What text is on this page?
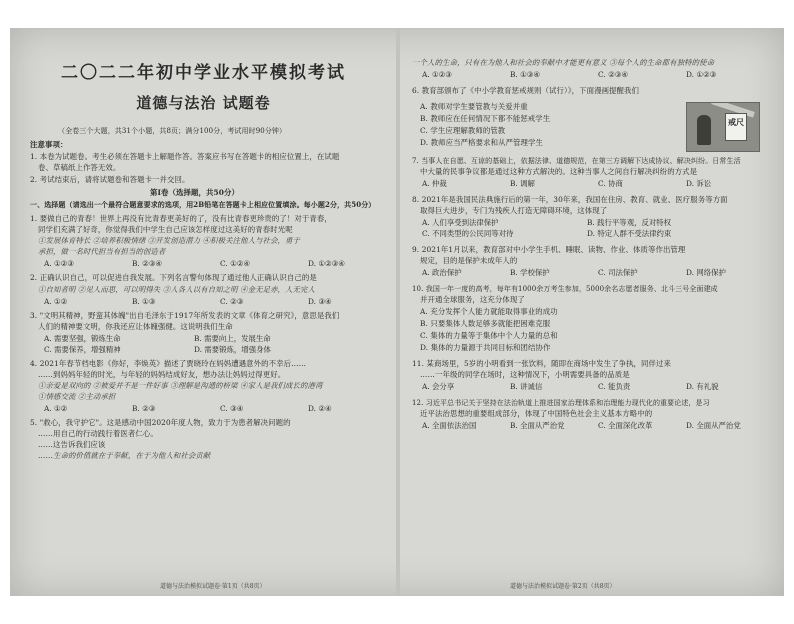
二〇二二年初中学业水平模拟考试
道德与法治 试题卷
（全卷三个大题，共31个小题，共8页；满分100分，考试用时90分钟）
注意事项：
1. 本卷为试题卷。考生必须在答题卡上解题作答。答案应书写在答题卡的相应位置上，在试题
卷、草稿纸上作答无效。
2. 考试结束后，请将试题卷和答题卡一并交回。
第Ⅰ卷（选择题，共50分）
一、选择题（请选出一个最符合题意要求的选项，用2B铅笔在答题卡上相应位置填涂。每小题2分，共50分）
1. 要做自己的青春！世界上再没有比青春更美好的了，没有比青春更珍贵的了！对于青春，
同学们充满了好奇，你觉得我们中学生自己应该怎样度过这美好的青春时光呢
①发展体育特长 ②培养积极情绪 ③开发创造潜力 ④积极关注他人与社会，勇于
承担，做一名时代担当有担当的创造者
A. ①②③	B. ②③④	C. ①②④	D. ①②③④
2. 正确认识自己，可以促进自我发展。下列名言警句体现了通过他人正确认识自己的是
①自知者明 ②见人而思，可以明得失 ③人各人以有自知之明 ④金无足赤，人无完人
A. ①②	B. ①③	C. ②③	D. ③④
3. "文明其精神，野蛮其体魄"出自毛泽东于1917年所发表的文章《体育之研究》，意思是我们
人们的精神要文明，你我还应让体魄强健。这说明我们生命
A. 需要坚强，锻炼生命	B. 需要向上，发展生命
C. 需要保养，增强精神	D. 需要锻炼，增强身体
4. 2021年春节档电影《你好，李焕英》描述了贾晓玲在妈妈遭遇意外的不幸后……
……到妈妈年轻的时光，与年轻的妈妈结成好友，想办法让妈妈过得更好。
①亲爱是双向的 ②被爱并不是一件好事 ③理解是沟通的桥梁 ④家人是我们成长的港湾
①情感交流 ②主动承担
A. ①②	B. ②③	C. ③④	D. ②④
5. "救心，我守护它"。这是感动中国2020年度人物，致力于为患者解决问题的
……用自己的行动践行着医者仁心。
……这告诉我们应该
……生命的价值就在于奉献，在于为他人和社会贡献
道德与法治模拟试题卷·第1页（共8页）
一个人的生命，只有在为他人和社会的奉献中才能更有意义 ③每个人的生命都有独特的使命
A. ①②③	B. ①③④	C. ②③④	D. ①②③
6. 教育部颁布了《中小学教育惩戒规则（试行）》，下面漫画提醒我们
A. 教师对学生要管教与关爱并重
B. 教师应在任何情况下都不能惩戒学生
C. 学生应理解教师的管教
D. 教师应当严格要求和从严管理学生
戒尺
7. 当事人在自愿、互谅的基础上，依据法律、道德规范，在第三方调解下达成协议、解决纠纷。日常生活
中大量的民事争议都是通过这种方式解决的。这种当事人之间自行解决纠纷的方式是
A. 仲裁	B. 调解	C. 协商	D. 诉讼
8. 2021年是我国民法典施行后的第一年，30年来，我国在住房、教育、就业、医疗服务等方面
取得巨大进步，专门为残疾人打造无障碍环境，这体现了
A. 人们享受到法律保护	B. 践行平等观，反对特权
C. 不同类型的公民同等对待	D. 特定人群不受法律约束
9. 2021年1月以来，教育部对中小学生手机、睡眠、读物、作业、体质等作出管理
规定，目的是保护未成年人的
A. 政治保护	B. 学校保护	C. 司法保护	D. 网络保护
10. 我国一年一度的高考，每年有1000余万考生参加，5000余名志愿者服务、北斗三号全面建成
并开通全球服务，这充分体现了
A. 充分发挥个人能力就能取得事业的成功
B. 只要集体人数足够多就能把困难克服
C. 集体的力量等于集体中个人力量的总和
D. 集体的力量源于共同目标和团结协作
11. 某商场里，5岁的小明看到一张饮料，随即在商场中发生了争执，同伴过来
……一年级的同学在场时，这种情况下，小明需要具备的品质是
A. 会分享	B. 讲诚信	C. 能负责	D. 有礼貌
12. 习近平总书记关于坚持在法治轨道上推进国家治理体系和治理能力现代化的重要论述，是习
近平法治思想的重要组成部分，体现了中国特色社会主义基本方略中的
A. 全面依法治国	B. 全面从严治党	C. 全面深化改革	D. 全面从严治党
道德与法治模拟试题卷·第2页（共8页）
